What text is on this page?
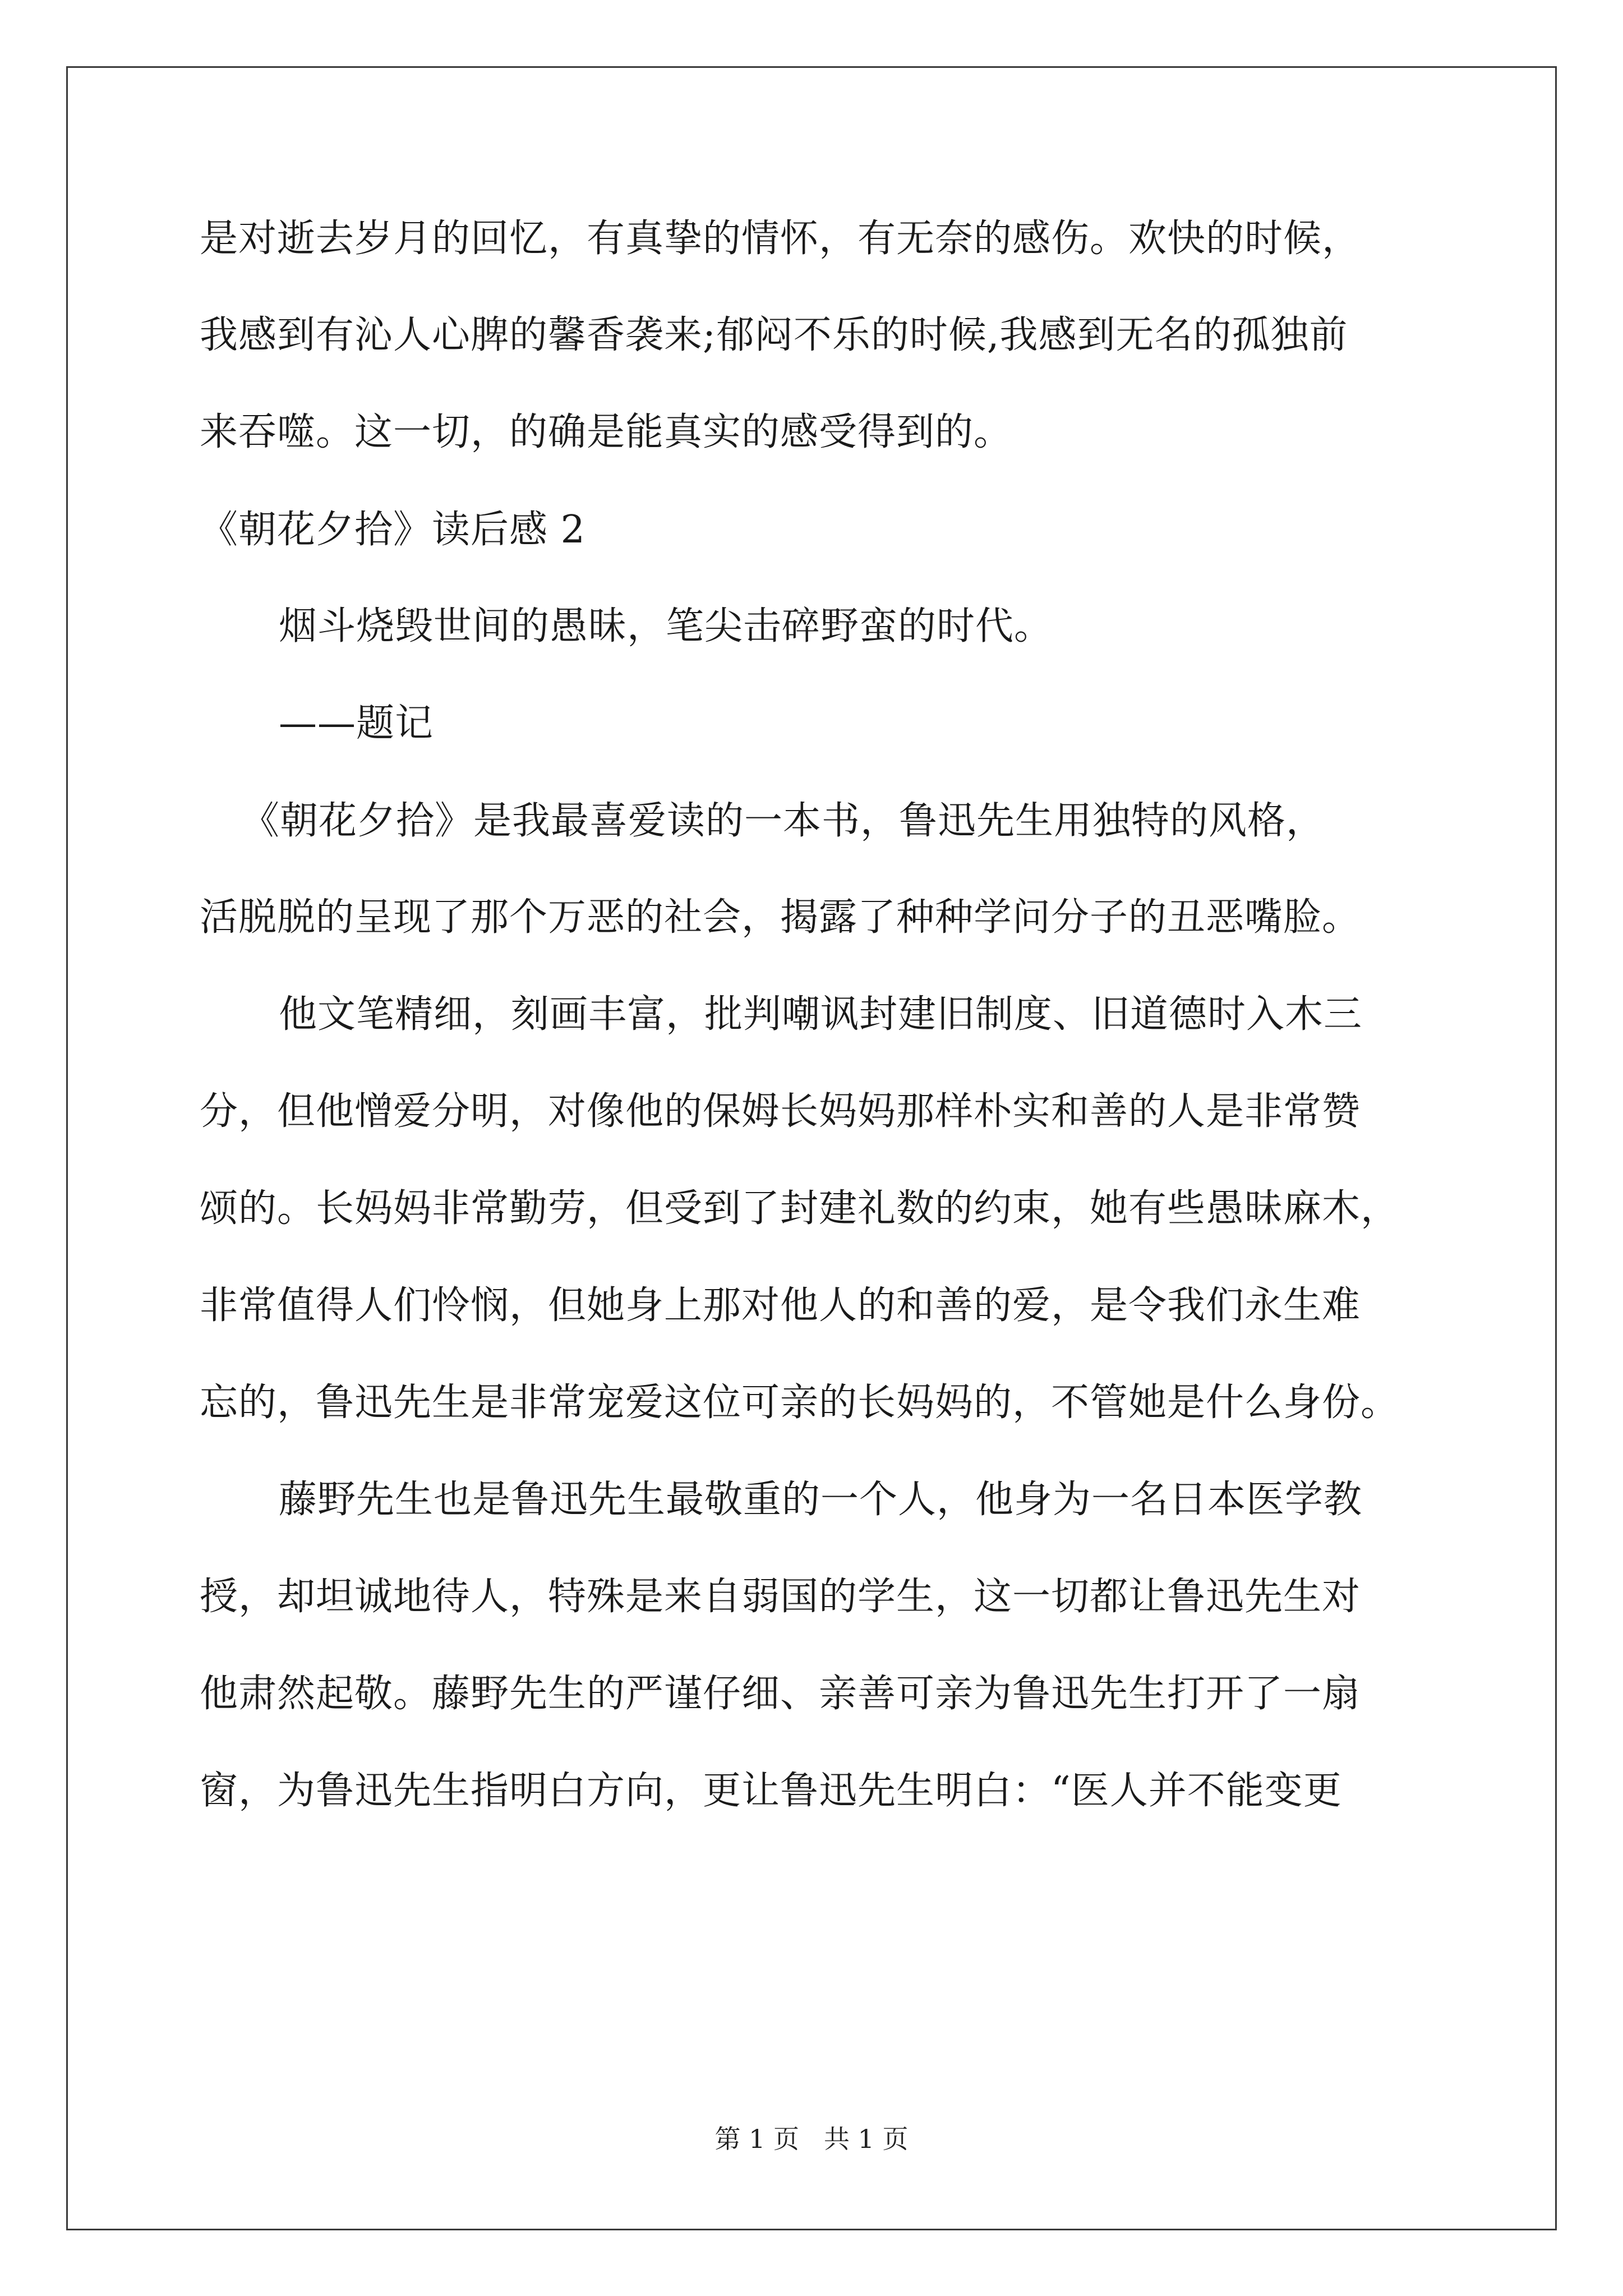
是对逝去岁月的回忆，有真挚的情怀，有无奈的感伤。欢快的时候，
我感到有沁人心脾的馨香袭来;郁闷不乐的时候,我感到无名的孤独前
来吞噬。这一切，的确是能真实的感受得到的。
《朝花夕拾》读后感 2
烟斗烧毁世间的愚昧，笔尖击碎野蛮的时代。
——题记
《朝花夕拾》是我最喜爱读的一本书，鲁迅先生用独特的风格，
活脱脱的呈现了那个万恶的社会，揭露了种种学问分子的丑恶嘴脸。
他文笔精细，刻画丰富，批判嘲讽封建旧制度、旧道德时入木三
分，但他憎爱分明，对像他的保姆长妈妈那样朴实和善的人是非常赞
颂的。长妈妈非常勤劳，但受到了封建礼数的约束，她有些愚昧麻木，
非常值得人们怜悯，但她身上那对他人的和善的爱，是令我们永生难
忘的，鲁迅先生是非常宠爱这位可亲的长妈妈的，不管她是什么身份。
藤野先生也是鲁迅先生最敬重的一个人，他身为一名日本医学教
授，却坦诚地待人，特殊是来自弱国的学生，这一切都让鲁迅先生对
他肃然起敬。藤野先生的严谨仔细、亲善可亲为鲁迅先生打开了一扇
窗，为鲁迅先生指明白方向，更让鲁迅先生明白：“医人并不能变更
第 1 页 共 1 页
